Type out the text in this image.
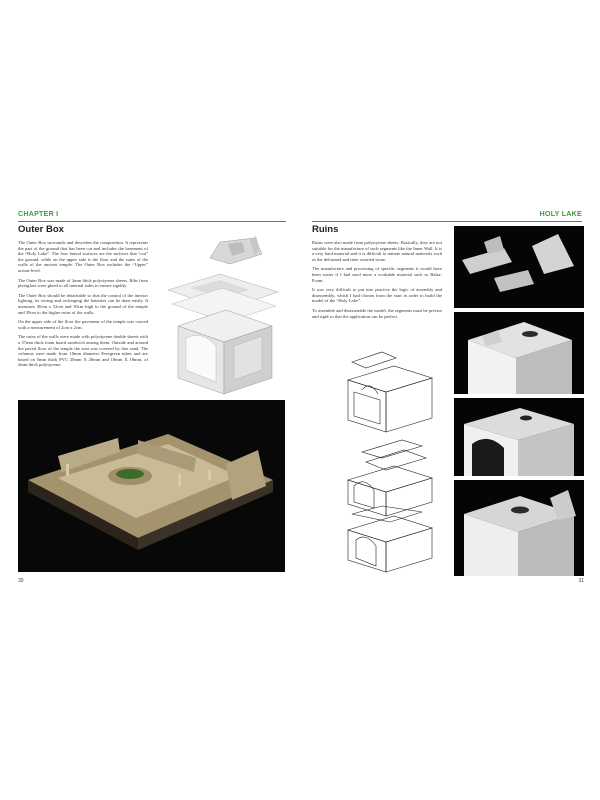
CHAPTER I
Outer Box

The Outer Box surrounds and describes the composition. It represents the part of the ground that has been cut and includes the basement of the “Holy Lake”. The four lateral surfaces are the surfaces that “cut” the ground, while on the upper side is the floor and the ruins of the walls of the ancient temple. The Outer Box includes the “Upper” action-level.

The Outer Box was made of 2mm thick polystyrene sheets. Ribs from plexiglass were glued to all internal sides to ensure rigidity.

The Outer Box should be detachable so that the control of the interior lighting, its wiring and recharging the batteries can be done easily. It measures 30cm x 52cm and 30cm high to the ground of the temple and 39cm to the higher ruins of the walls.

On the upper side of the floor the pavement of the temple was curved with a measurement of 2cm x 2cm.

The ruins of the walls were made with polystyrene double sheets with a 37mm thick foam board sandwich among them. Outside and around the paved floor of the temple the area was covered by fine sand. The columns were made from 10mm diameter Evergreen tubes and are based on 5mm thick PVC 20mm X 20mm and 18mm X 18mm, of 2mm thick polystyrene.

30
HOLY LAKE
Ruins

Ruins were also made from polystyrene sheets. Basically, they are not suitable for the manufacture of such segments like the Inner Wall. It is a very hard material and it is difficult to imitate natural materials such as the deformed and time wearied stone.

The manufacture and processing of specific segments it would have been easier if I had used more a workable material such as Balsa-Foam.

It was very difficult to put into practice the logic of assembly and disassembly, which I had chosen from the start in order to build the model of the “Holy Lake”.

To assemble and disassemble the model, the segments must be precise and rigid so that the application can be perfect.

31
